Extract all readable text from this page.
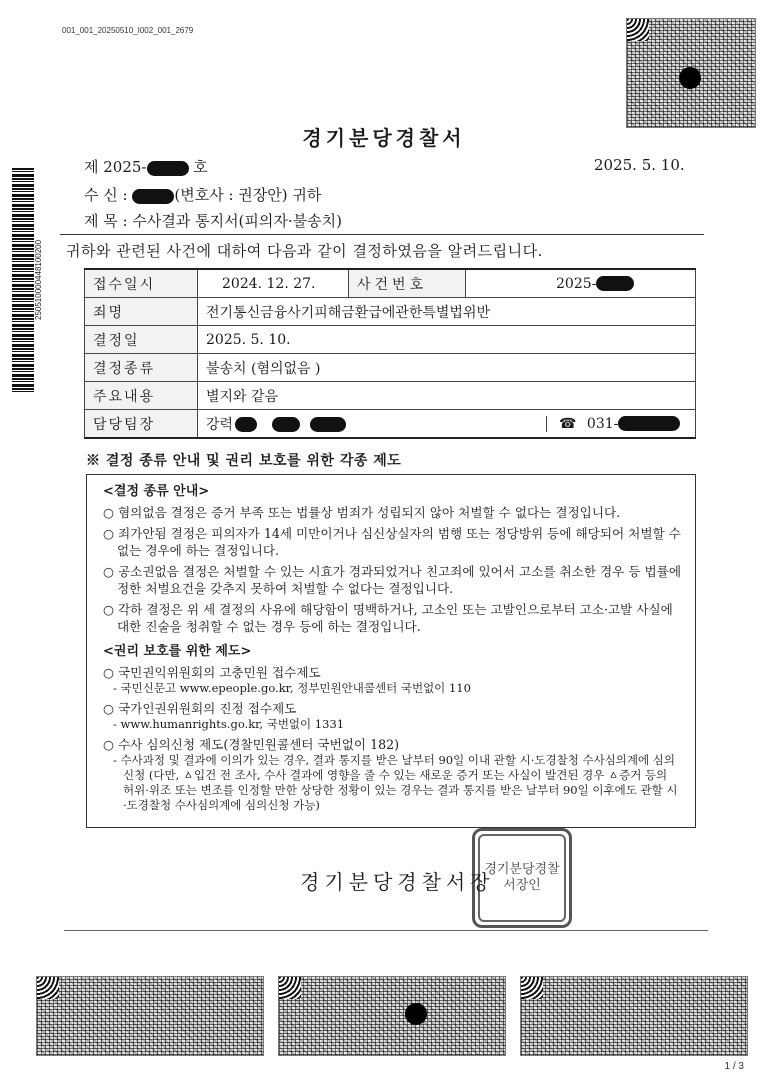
001_001_20250510_I002_001_2679
250510000448100200
경기분당경찰서
제 2025-	호	2025. 5. 10.
수 신 :	(변호사 : 권장안) 귀하
제 목 : 수사결과 통지서(피의자·불송치)
귀하와 관련된 사건에 대하여 다음과 같이 결정하였음을 알려드립니다.
접수일시	2024. 12. 27.	사건번호	2025-
죄명	전기통신금융사기피해금환급에관한특별법위반		
결정일	2025. 5. 10.		
결정종류	불송치 (혐의없음 )		
주요내용	별지와 같음		
담당팀장	강력 ☎ 031-		
※ 결정 종류 안내 및 권리 보호를 위한 각종 제도
<결정 종류 안내>
○ 혐의없음 결정은 증거 부족 또는 법률상 범죄가 성립되지 않아 처벌할 수 없다는 결정입니다.
○ 죄가안됨 결정은 피의자가 14세 미만이거나 심신상실자의 범행 또는 정당방위 등에 해당되어 처벌할 수 없는 경우에 하는 결정입니다.
○ 공소권없음 결정은 처벌할 수 있는 시효가 경과되었거나 친고죄에 있어서 고소를 취소한 경우 등 법률에 정한 처벌요건을 갖추지 못하여 처벌할 수 없다는 결정입니다.
○ 각하 결정은 위 세 결정의 사유에 해당함이 명백하거나, 고소인 또는 고발인으로부터 고소·고발 사실에 대한 진술을 청취할 수 없는 경우 등에 하는 결정입니다.
<권리 보호를 위한 제도>
○ 국민권익위원회의 고충민원 접수제도
- 국민신문고 www.epeople.go.kr, 정부민원안내콜센터 국번없이 110
○ 국가인권위원회의 진정 접수제도
- www.humanrights.go.kr, 국번없이 1331
○ 수사 심의신청 제도(경찰민원콜센터 국번없이 182)
- 수사과정 및 결과에 이의가 있는 경우, 결과 통지를 받은 날부터 90일 이내 관할 시·도경찰청 수사심의계에 심의신청 (다만, ㅿ입건 전 조사, 수사 결과에 영향을 줄 수 있는 새로운 증거 또는 사실이 발견된 경우 ㅿ증거 등의 허위·위조 또는 변조를 인정할 만한 상당한 정황이 있는 경우는 결과 통지를 받은 날부터 90일 이후에도 관할 시·도경찰청 수사심의계에 심의신청 가능)
경기분당경찰서장인
경기분당경찰서장
1 / 3
